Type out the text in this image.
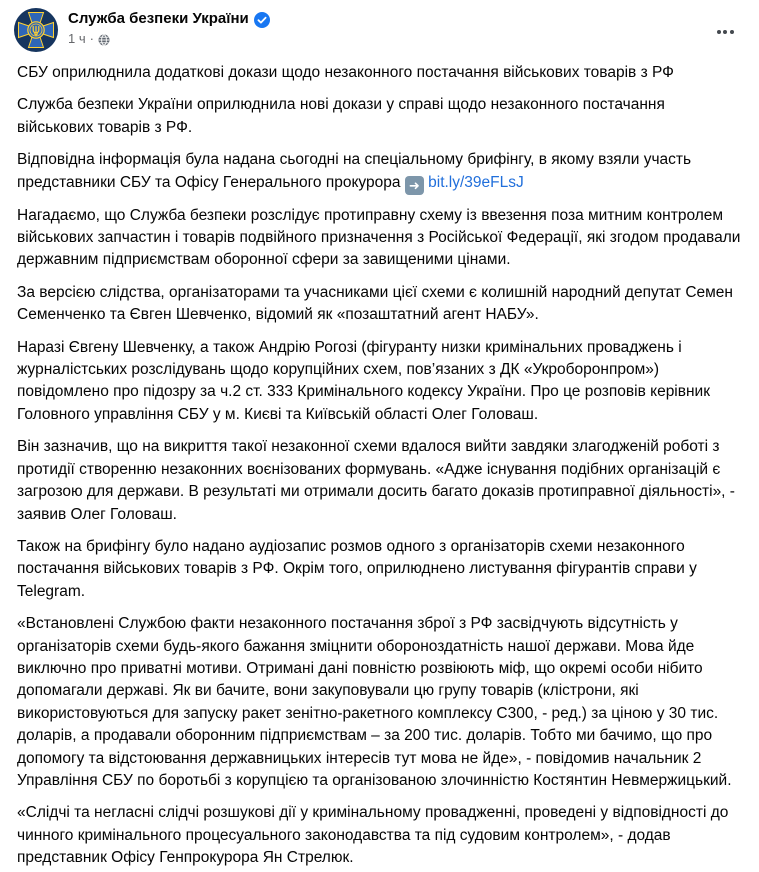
Служба безпеки України
1 ч ·

СБУ оприлюднила додаткові докази щодо незаконного постачання військових товарів з РФ

Служба безпеки України оприлюднила нові докази у справі щодо незаконного постачання військових товарів з РФ.

Відповідна інформація була надана сьогодні на спеціальному брифінгу, в якому взяли участь представники СБУ та Офісу Генерального прокурора ➜ bit.ly/39eFLsJ

Нагадаємо, що Служба безпеки розслідує протиправну схему із ввезення поза митним контролем військових запчастин і товарів подвійного призначення з Російської Федерації, які згодом продавали державним підприємствам оборонної сфери за завищеними цінами.

За версією слідства, організаторами та учасниками цієї схеми є колишній народний депутат Семен Семенченко та Євген Шевченко, відомий як «позаштатний агент НАБУ».

Наразі Євгену Шевченку, а також Андрію Рогозі (фігуранту низки кримінальних проваджень і журналістських розслідувань щодо корупційних схем, пов’язаних з ДК «Укроборонпром») повідомлено про підозру за ч.2 ст. 333 Кримінального кодексу України. Про це розповів керівник Головного управління СБУ у м. Києві та Київській області Олег Головаш.

Він зазначив, що на викриття такої незаконної схеми вдалося вийти завдяки злагодженій роботі з протидії створенню незаконних воєнізованих формувань. «Адже існування подібних організацій є загрозою для держави. В результаті ми отримали досить багато доказів протиправної діяльності», - заявив Олег Головаш.

Також на брифінгу було надано аудіозапис розмов одного з організаторів схеми незаконного постачання військових товарів з РФ. Окрім того, оприлюднено листування фігурантів справи у Telegram.

«Встановлені Службою факти незаконного постачання зброї з РФ засвідчують відсутність у організаторів схеми будь-якого бажання зміцнити обороноздатність нашої держави. Мова йде виключно про приватні мотиви. Отримані дані повністю розвіюють міф, що окремі особи нібито допомагали державі. Як ви бачите, вони закуповували цю групу товарів (клістрони, які використовуються для запуску ракет зенітно-ракетного комплексу С300, - ред.) за ціною у 30 тис. доларів, а продавали оборонним підприємствам – за 200 тис. доларів. Тобто ми бачимо, що про допомогу та відстоювання державницьких інтересів тут мова не йде», - повідомив начальник 2 Управління СБУ по боротьбі з корупцією та організованою злочинністю Костянтин Невмержицький.

«Слідчі та негласні слідчі розшукові дії у кримінальному провадженні, проведені у відповідності до чинного кримінального процесуального законодавства та під судовим контролем», - додав представник Офісу Генпрокурора Ян Стрелюк.
